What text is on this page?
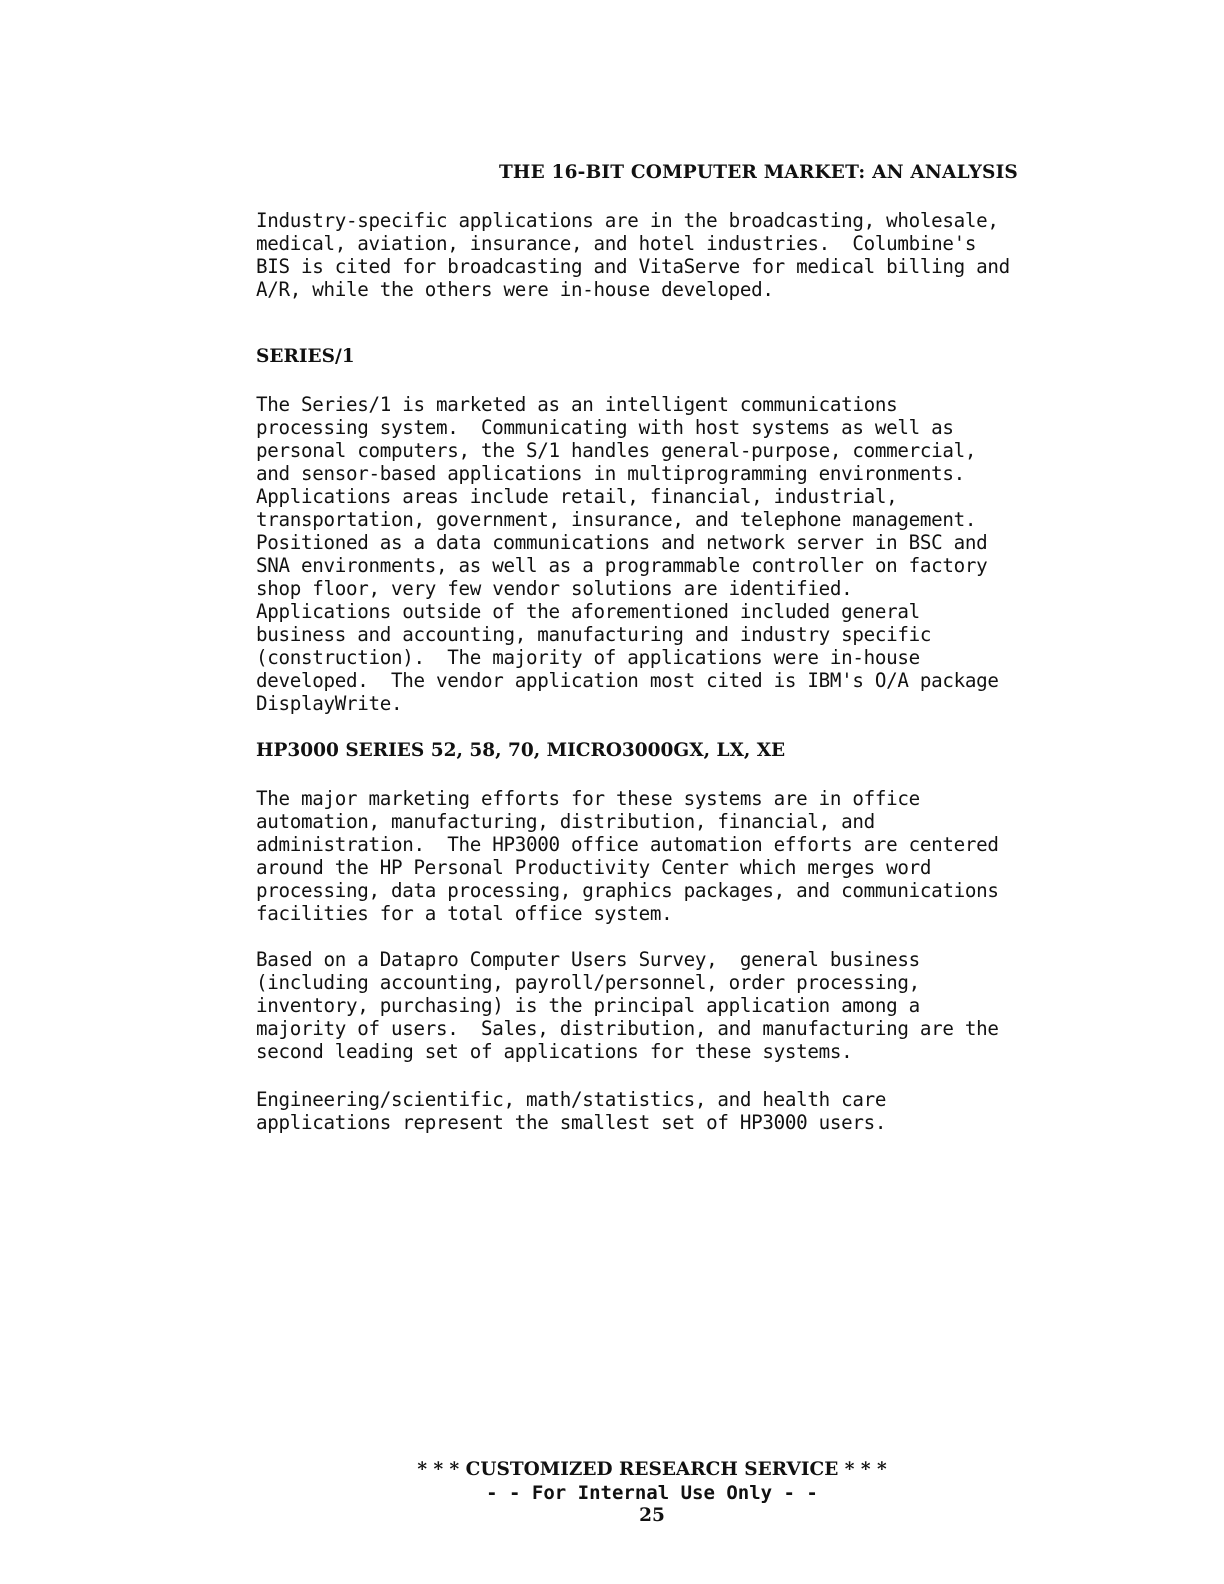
THE 16-BIT COMPUTER MARKET: AN ANALYSIS

Industry-specific applications are in the broadcasting, wholesale,
medical, aviation, insurance, and hotel industries.  Columbine's
BIS is cited for broadcasting and VitaServe for medical billing and
A/R, while the others were in-house developed.

SERIES/1

The Series/1 is marketed as an intelligent communications
processing system.  Communicating with host systems as well as
personal computers, the S/1 handles general-purpose, commercial,
and sensor-based applications in multiprogramming environments.
Applications areas include retail, financial, industrial,
transportation, government, insurance, and telephone management.
Positioned as a data communications and network server in BSC and
SNA environments, as well as a programmable controller on factory
shop floor, very few vendor solutions are identified.
Applications outside of the aforementioned included general
business and accounting, manufacturing and industry specific
(construction).  The majority of applications were in-house
developed.  The vendor application most cited is IBM's O/A package
DisplayWrite.

HP3000 SERIES 52, 58, 70, MICRO3000GX, LX, XE

The major marketing efforts for these systems are in office
automation, manufacturing, distribution, financial, and
administration.  The HP3000 office automation efforts are centered
around the HP Personal Productivity Center which merges word
processing, data processing, graphics packages, and communications
facilities for a total office system.

Based on a Datapro Computer Users Survey,  general business
(including accounting, payroll/personnel, order processing,
inventory, purchasing) is the principal application among a
majority of users.  Sales, distribution, and manufacturing are the
second leading set of applications for these systems.

Engineering/scientific, math/statistics, and health care
applications represent the smallest set of HP3000 users.

* * * CUSTOMIZED RESEARCH SERVICE * * *
- - For Internal Use Only - -
25
